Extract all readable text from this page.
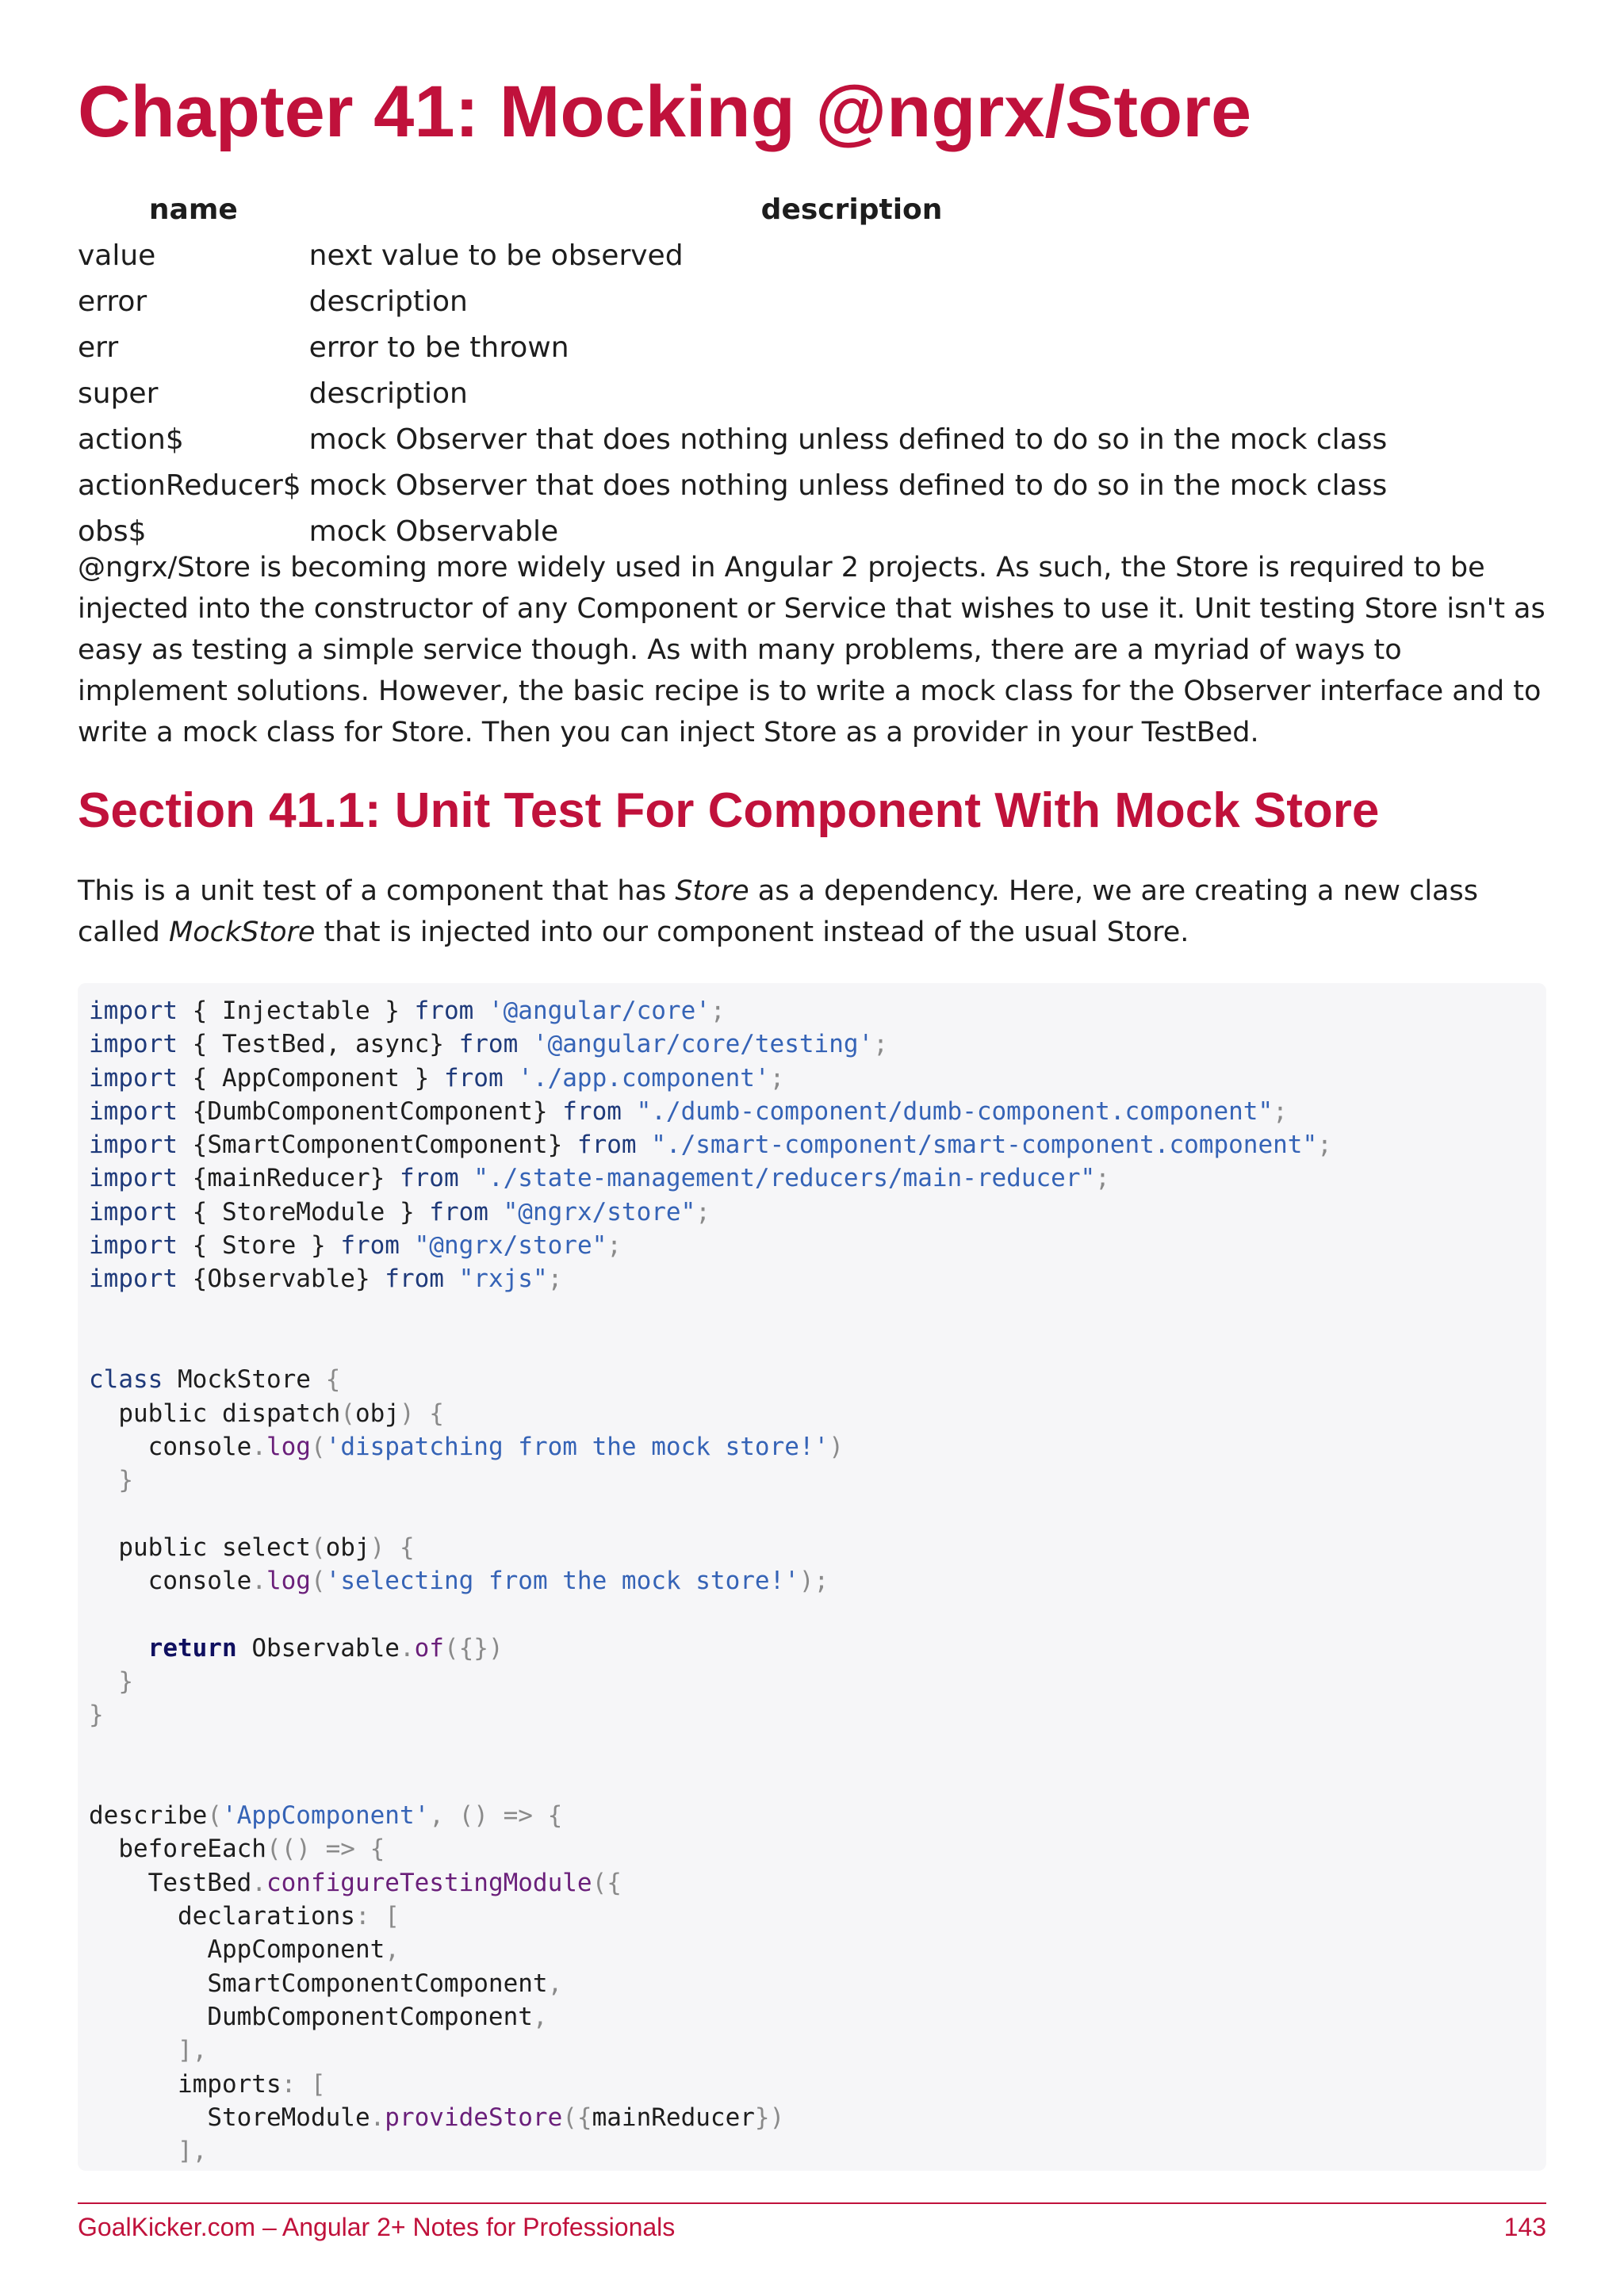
Chapter 41: Mocking @ngrx/Store
name	description
value	next value to be observed
error	description
err	error to be thrown
super	description
action$	mock Observer that does nothing unless defined to do so in the mock class
actionReducer$	mock Observer that does nothing unless defined to do so in the mock class
obs$	mock Observable

@ngrx/Store is becoming more widely used in Angular 2 projects. As such, the Store is required to be injected into the constructor of any Component or Service that wishes to use it. Unit testing Store isn't as easy as testing a simple service though. As with many problems, there are a myriad of ways to implement solutions. However, the basic recipe is to write a mock class for the Observer interface and to write a mock class for Store. Then you can inject Store as a provider in your TestBed.

Section 41.1: Unit Test For Component With Mock Store

This is a unit test of a component that has Store as a dependency. Here, we are creating a new class called MockStore that is injected into our component instead of the usual Store.

import { Injectable } from '@angular/core';
import { TestBed, async} from '@angular/core/testing';
import { AppComponent } from './app.component';
import {DumbComponentComponent} from "./dumb-component/dumb-component.component";
import {SmartComponentComponent} from "./smart-component/smart-component.component";
import {mainReducer} from "./state-management/reducers/main-reducer";
import { StoreModule } from "@ngrx/store";
import { Store } from "@ngrx/store";
import {Observable} from "rxjs";

class MockStore {
public dispatch(obj) {
console.log('dispatching from the mock store!')
}

public select(obj) {
console.log('selecting from the mock store!');

return Observable.of({})
}
}

describe('AppComponent', () => {
beforeEach(() => {
TestBed.configureTestingModule({
declarations: [
AppComponent,
SmartComponentComponent,
DumbComponentComponent,
],
imports: [
StoreModule.provideStore({mainReducer})
],
GoalKicker.com – Angular 2+ Notes for Professionals	143
